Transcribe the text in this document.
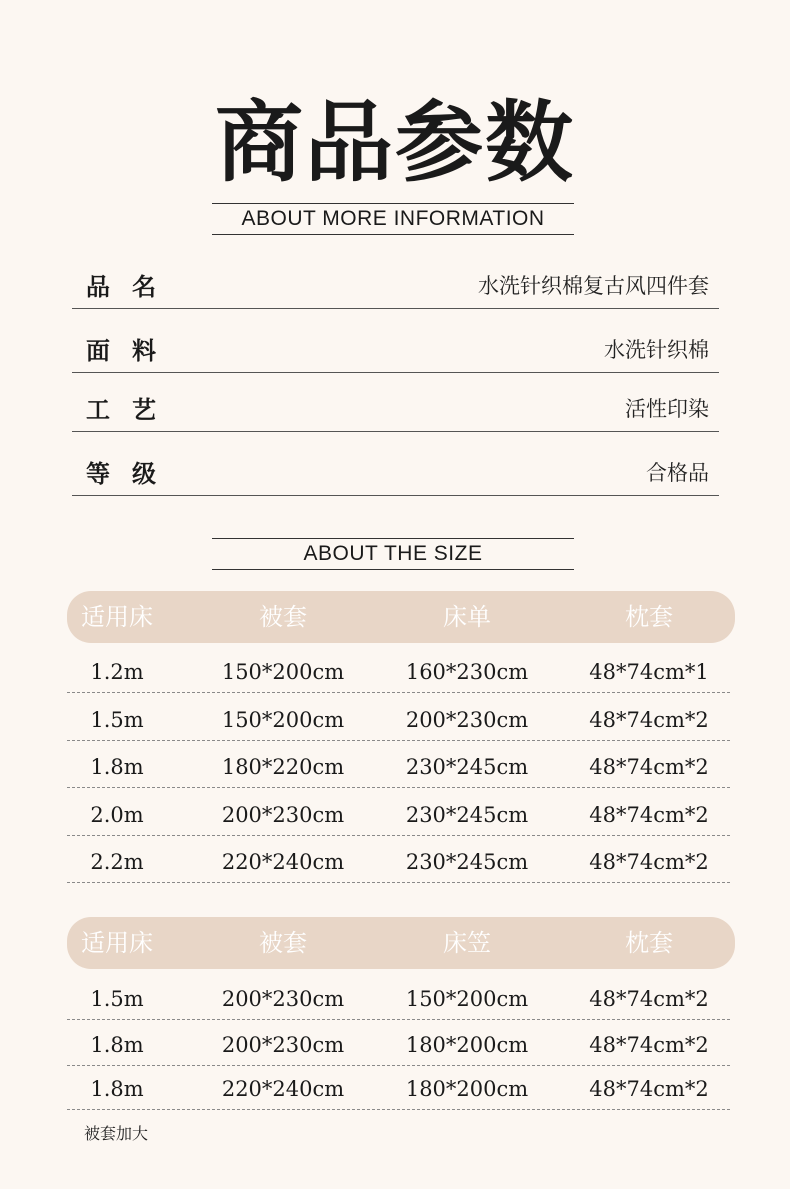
商品参数
ABOUT MORE INFORMATION
品名	水洗针织棉复古风四件套
面料	水洗针织棉
工艺	活性印染
等级	合格品
ABOUT THE SIZE
适用床	被套	床单	枕套
1.2m	150*200cm	160*230cm	48*74cm*1
1.5m	150*200cm	200*230cm	48*74cm*2
1.8m	180*220cm	230*245cm	48*74cm*2
2.0m	200*230cm	230*245cm	48*74cm*2
2.2m	220*240cm	230*245cm	48*74cm*2
适用床	被套	床笠	枕套
1.5m	200*230cm	150*200cm	48*74cm*2
1.8m	200*230cm	180*200cm	48*74cm*2
1.8m	220*240cm	180*200cm	48*74cm*2
被套加大
